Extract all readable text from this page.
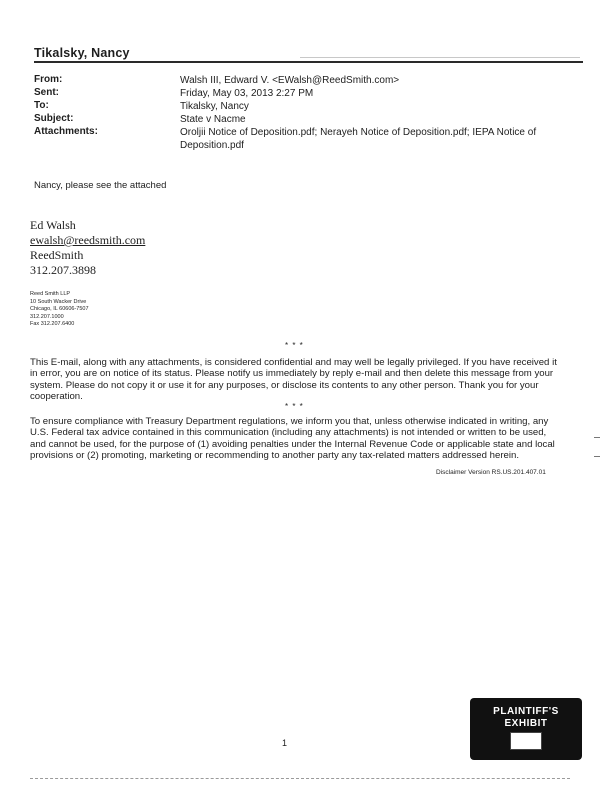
Tikalsky, Nancy
From:	Walsh III, Edward V. <EWalsh@ReedSmith.com>
Sent:	Friday, May 03, 2013 2:27 PM
To:	Tikalsky, Nancy
Subject:	State v Nacme
Attachments:	Oroljii Notice of Deposition.pdf; Nerayeh Notice of Deposition.pdf; IEPA Notice of Deposition.pdf
Nancy, please see the attached
Ed Walsh
ewalsh@reedsmith.com
ReedSmith
312.207.3898
Reed Smith LLP
10 South Wacker Drive
Chicago, IL 60606-7507
312.207.1000
Fax 312.207.6400
* * *
This E-mail, along with any attachments, is considered confidential and may well be legally privileged. If you have received it in error, you are on notice of its status. Please notify us immediately by reply e-mail and then delete this message from your system. Please do not copy it or use it for any purposes, or disclose its contents to any other person. Thank you for your cooperation.
* * *
To ensure compliance with Treasury Department regulations, we inform you that, unless otherwise indicated in writing, any U.S. Federal tax advice contained in this communication (including any attachments) is not intended or written to be used, and cannot be used, for the purpose of (1) avoiding penalties under the Internal Revenue Code or applicable state and local provisions or (2) promoting, marketing or recommending to another party any tax-related matters addressed herein.
Disclaimer Version RS.US.201.407.01
1
PLAINTIFF'S
EXHIBIT
